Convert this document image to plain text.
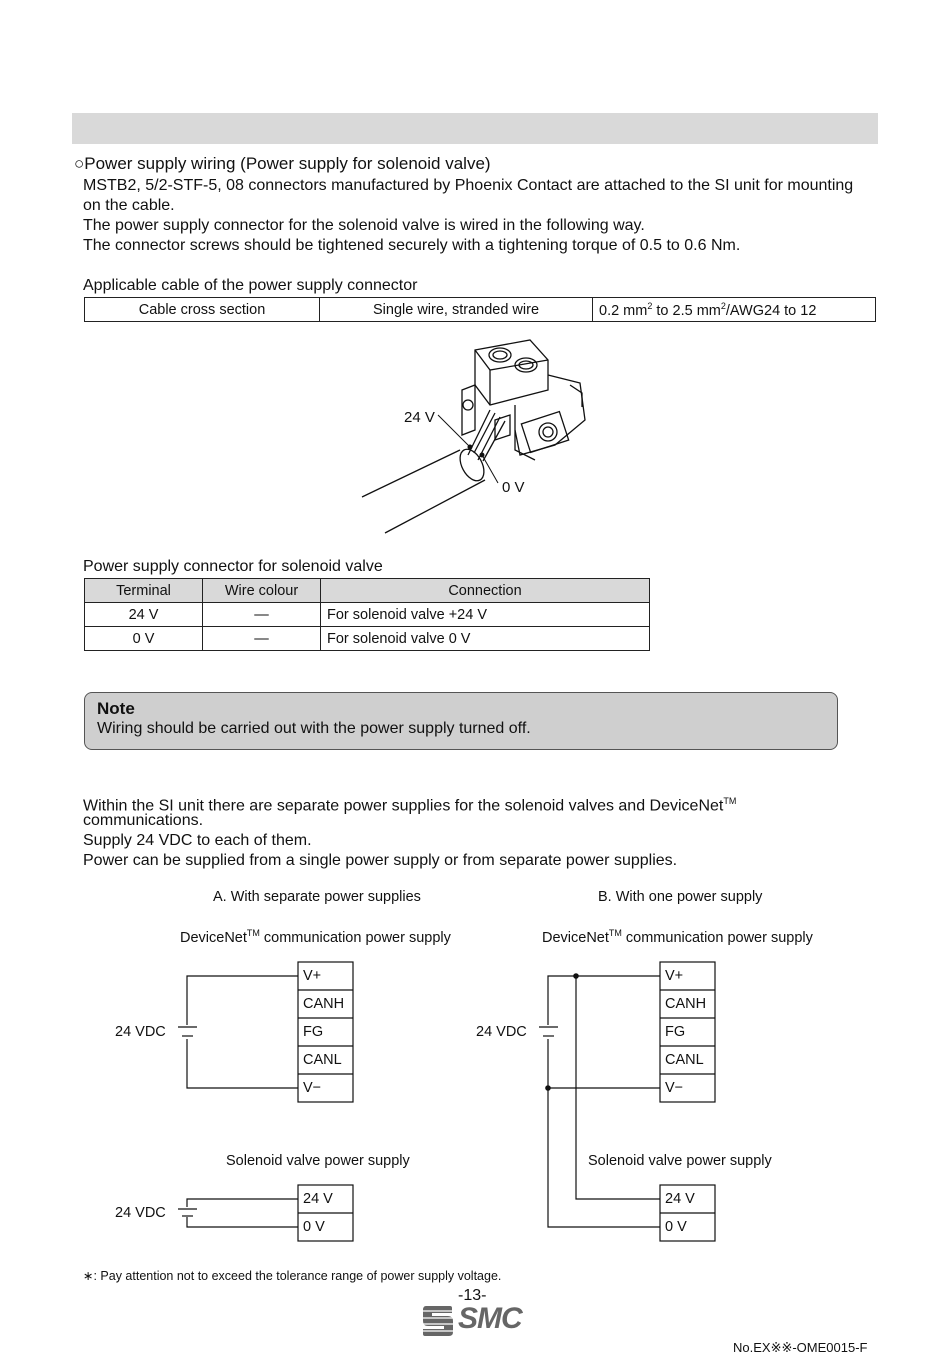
○Power supply wiring (Power supply for solenoid valve)
MSTB2, 5/2-STF-5, 08 connectors manufactured by Phoenix Contact are attached to the SI unit for mounting
on the cable.
The power supply connector for the solenoid valve is wired in the following way.
The connector screws should be tightened securely with a tightening torque of 0.5 to 0.6 Nm.
Applicable cable of the power supply connector
Cable cross section	Single wire, stranded wire	0.2 $mm^2$ to 2.5 $mm^2/AWG24$ to 12
24 V
0 V
Power supply connector for solenoid valve
Terminal	Wire colour	Connection
24 V	—	For solenoid valve +24 V
0 V	—	For solenoid valve 0 V
Note
Wiring should be carried out with the power supply turned off.
Within the SI unit there are separate power supplies for the solenoid valves and DeviceNet™
communications.
Supply 24 VDC to each of them.
Power can be supplied from a single power supply or from separate power supplies.
A. With separate power supplies
DeviceNet™ communication power supply
V+
CANH
FG
CANL
V−
24 VDC
Solenoid valve power supply
24 V
0 V
24 VDC
B. With one power supply
DeviceNet™ communication power supply
V+
CANH
FG
CANL
V−
24 VDC
Solenoid valve power supply
24 V
0 V
∗: Pay attention not to exceed the tolerance range of power supply voltage.
-13-
SMC
No.EX※※-OME0015-F
